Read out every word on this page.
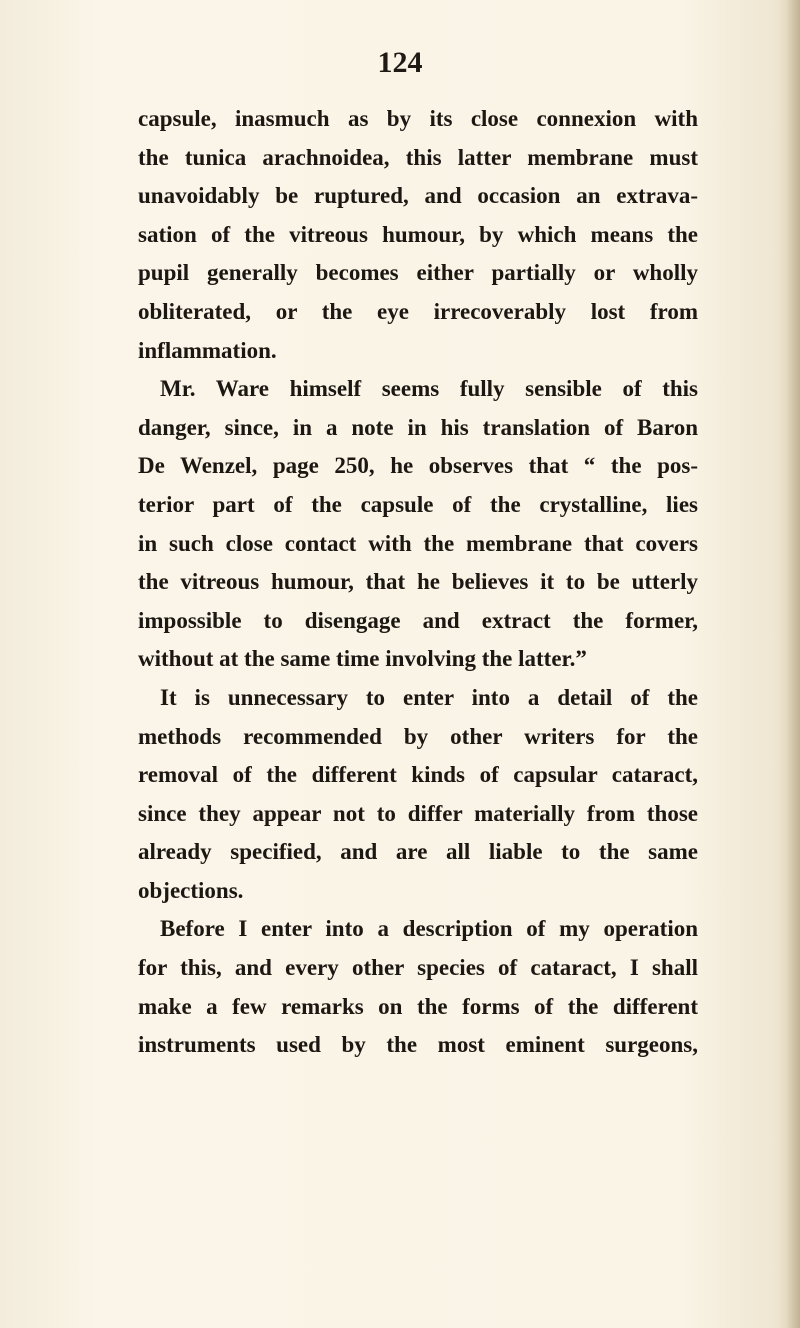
124
capsule, inasmuch as by its close connexion with
the tunica arachnoidea, this latter membrane must
unavoidably be ruptured, and occasion an extrava-
sation of the vitreous humour, by which means the
pupil generally becomes either partially or wholly
obliterated, or the eye irrecoverably lost from
inflammation.
Mr. Ware himself seems fully sensible of this
danger, since, in a note in his translation of Baron
De Wenzel, page 250, he observes that “ the pos-
terior part of the capsule of the crystalline, lies
in such close contact with the membrane that covers
the vitreous humour, that he believes it to be utterly
impossible to disengage and extract the former,
without at the same time involving the latter.”
It is unnecessary to enter into a detail of the
methods recommended by other writers for the
removal of the different kinds of capsular cataract,
since they appear not to differ materially from those
already specified, and are all liable to the same
objections.
Before I enter into a description of my operation
for this, and every other species of cataract, I shall
make a few remarks on the forms of the different
instruments used by the most eminent surgeons,
